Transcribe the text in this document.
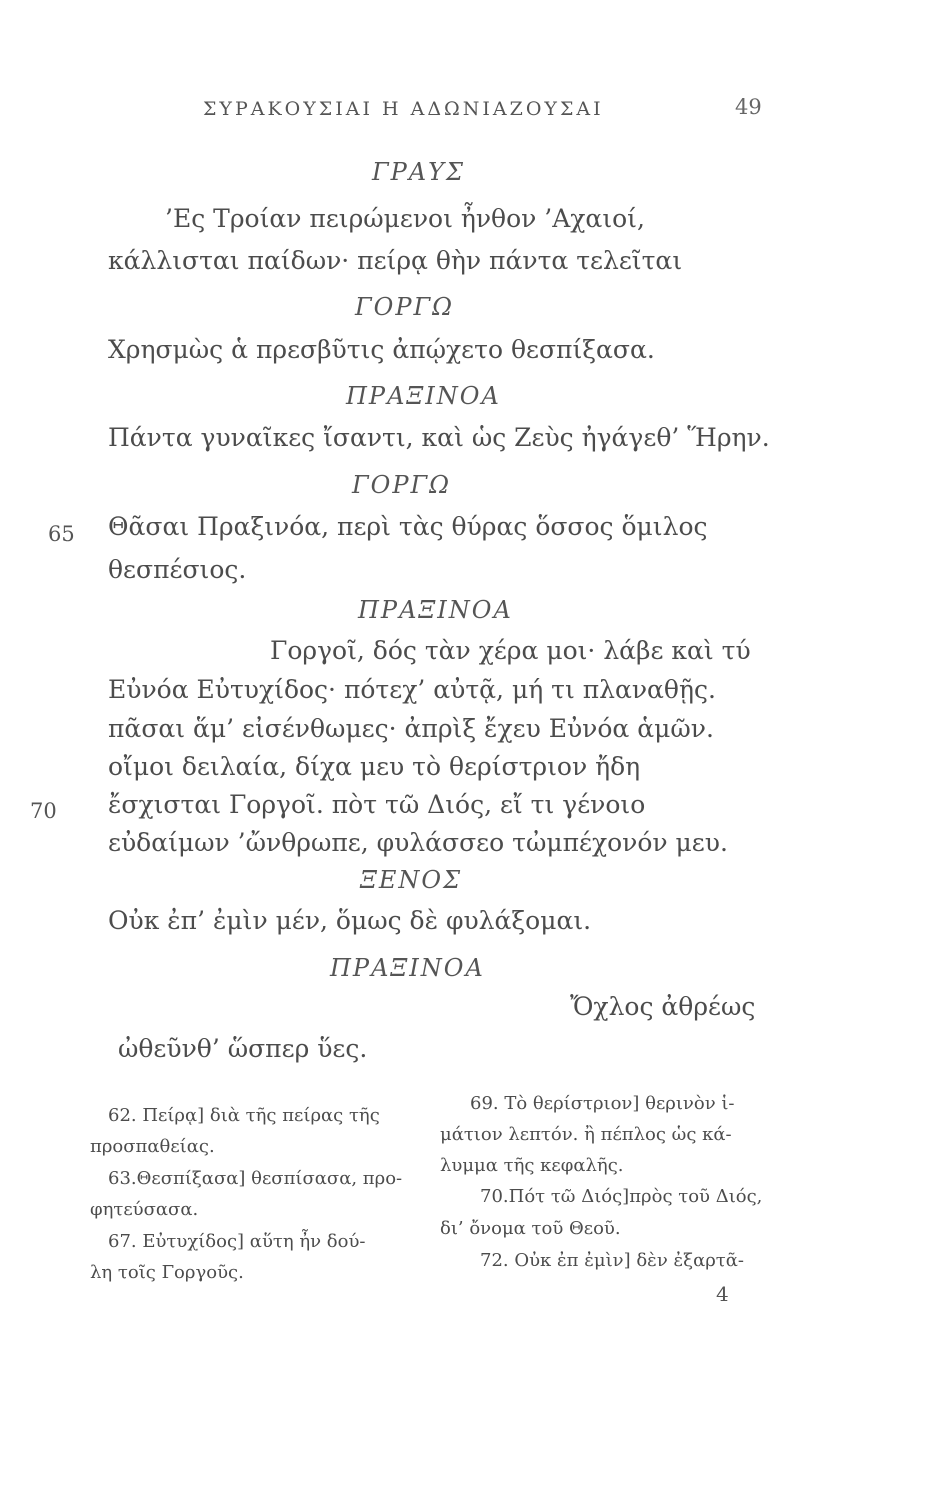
ΣΥΡΑΚΟΥΣΙΑΙ Η ΑΔΩΝΙΑΖΟΥΣΑΙ	49
ΓΡΑΥΣ
’Ες Τροίαν πειρώμενοι ἦνθον ’Αχαιοί,
κάλλισται παίδων· πείρᾳ θὴν πάντα τελεῖται
ΓΟΡΓΩ
Χρησμὼς ἁ πρεσβῦτις ἀπῴχετο θεσπίξασα.
ΠΡΑΞΙΝΟΑ
Πάντα γυναῖκες ἴσαντι, καὶ ὡς Ζεὺς ἠγάγεθ’ Ἥρην.
ΓΟΡΓΩ
65 Θᾶσαι Πραξινόα, περὶ τὰς θύρας ὅσσος ὅμιλος
θεσπέσιος.
ΠΡΑΞΙΝΟΑ
Γοργοῖ, δός τὰν χέρα μοι· λάβε καὶ τύ
Εὐνόα Εὐτυχίδος· πότεχ’ αὐτᾷ, μή τι πλαναθῇς.
πᾶσαι ἅμ’ εἰσένθωμες· ἀπρὶξ ἔχευ Εὐνόα ἁμῶν.
οἴμοι δειλαία, δίχα μευ τὸ θερίστριον ἤδη
70 ἔσχισται Γοργοῖ. πὸτ τῶ Διός, εἴ τι γένοιο
εὐδαίμων ’ὤνθρωπε, φυλάσσεο τὠμπέχονόν μευ.
ΞΕΝΟΣ
Οὐκ ἐπ’ ἐμὶν μέν, ὅμως δὲ φυλάξομαι.
ΠΡΑΞΙΝΟΑ
Ὄχλος ἀθρέως
ὠθεῦνθ’ ὥσπερ ὕες.
62. Πείρᾳ] διὰ τῆς πείρας τῆς
προσπαθείας.
63.Θεσπίξασα] θεσπίσασα, προ-
φητεύσασα.
67. Εὐτυχίδος] αὕτη ἦν δού-
λη τοῖς Γοργοῦς.
69. Τὸ θερίστριον] θερινὸν ἱ-
μάτιον λεπτόν. ἢ πέπλος ὡς κά-
λυμμα τῆς κεφαλῆς.
70.Πότ τῶ Διός]πρὸς τοῦ Διός,
δι’ ὄνομα τοῦ Θεοῦ.
72. Οὐκ ἐπ ἐμὶν] δὲν ἐξαρτᾶ-
4
